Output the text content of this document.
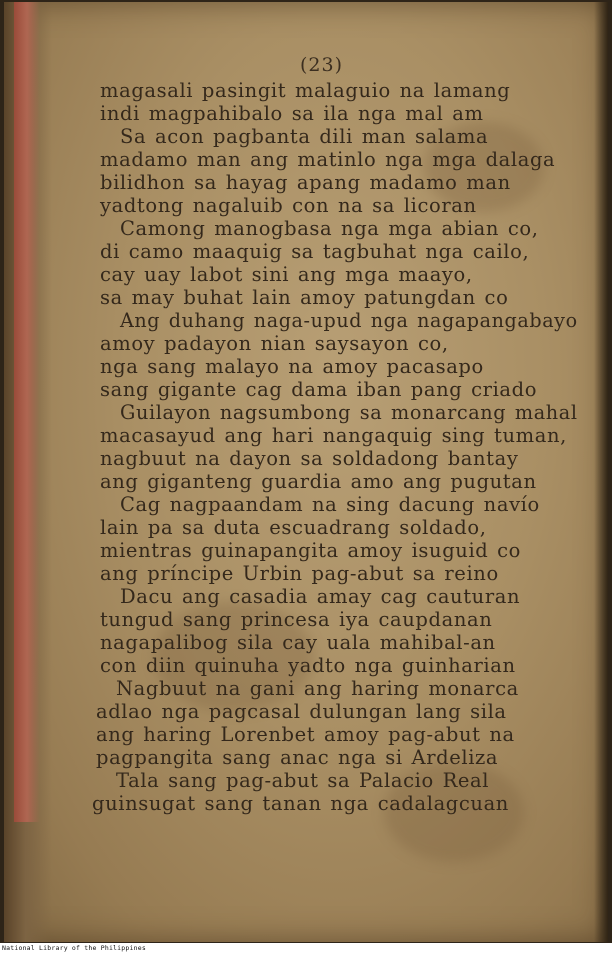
(23)
magasali pasingit malaguio na lamang
indi magpahibalo sa ila nga mal am
Sa acon pagbanta dili man salama
madamo man ang matinlo nga mga dalaga
bilidhon sa hayag apang madamo man
yadtong nagaluib con na sa licoran
Camong manogbasa nga mga abian co,
di camo maaquig sa tagbuhat nga cailo,
cay uay labot sini ang mga maayo,
sa may buhat lain amoy patungdan co
Ang duhang naga-upud nga nagapangabayo
amoy padayon nian saysayon co,
nga sang malayo na amoy pacasapo
sang gigante cag dama iban pang criado
Guilayon nagsumbong sa monarcang mahal
macasayud ang hari nangaquig sing tuman,
nagbuut na dayon sa soldadong bantay
ang giganteng guardia amo ang pugutan
Cag nagpaandam na sing dacung navío
lain pa sa duta escuadrang soldado,
mientras guinapangita amoy isuguid co
ang príncipe Urbin pag-abut sa reino
Dacu ang casadia amay cag cauturan
tungud sang princesa iya caupdanan
nagapalibog sila cay uala mahibal-an
con diin quinuha yadto nga guinharian
Nagbuut na gani ang haring monarca
adlao nga pagcasal dulungan lang sila
ang haring Lorenbet amoy pag-abut na
pagpangita sang anac nga si Ardeliza
Tala sang pag-abut sa Palacio Real
guinsugat sang tanan nga cadalagcuan
National Library of the Philippines
